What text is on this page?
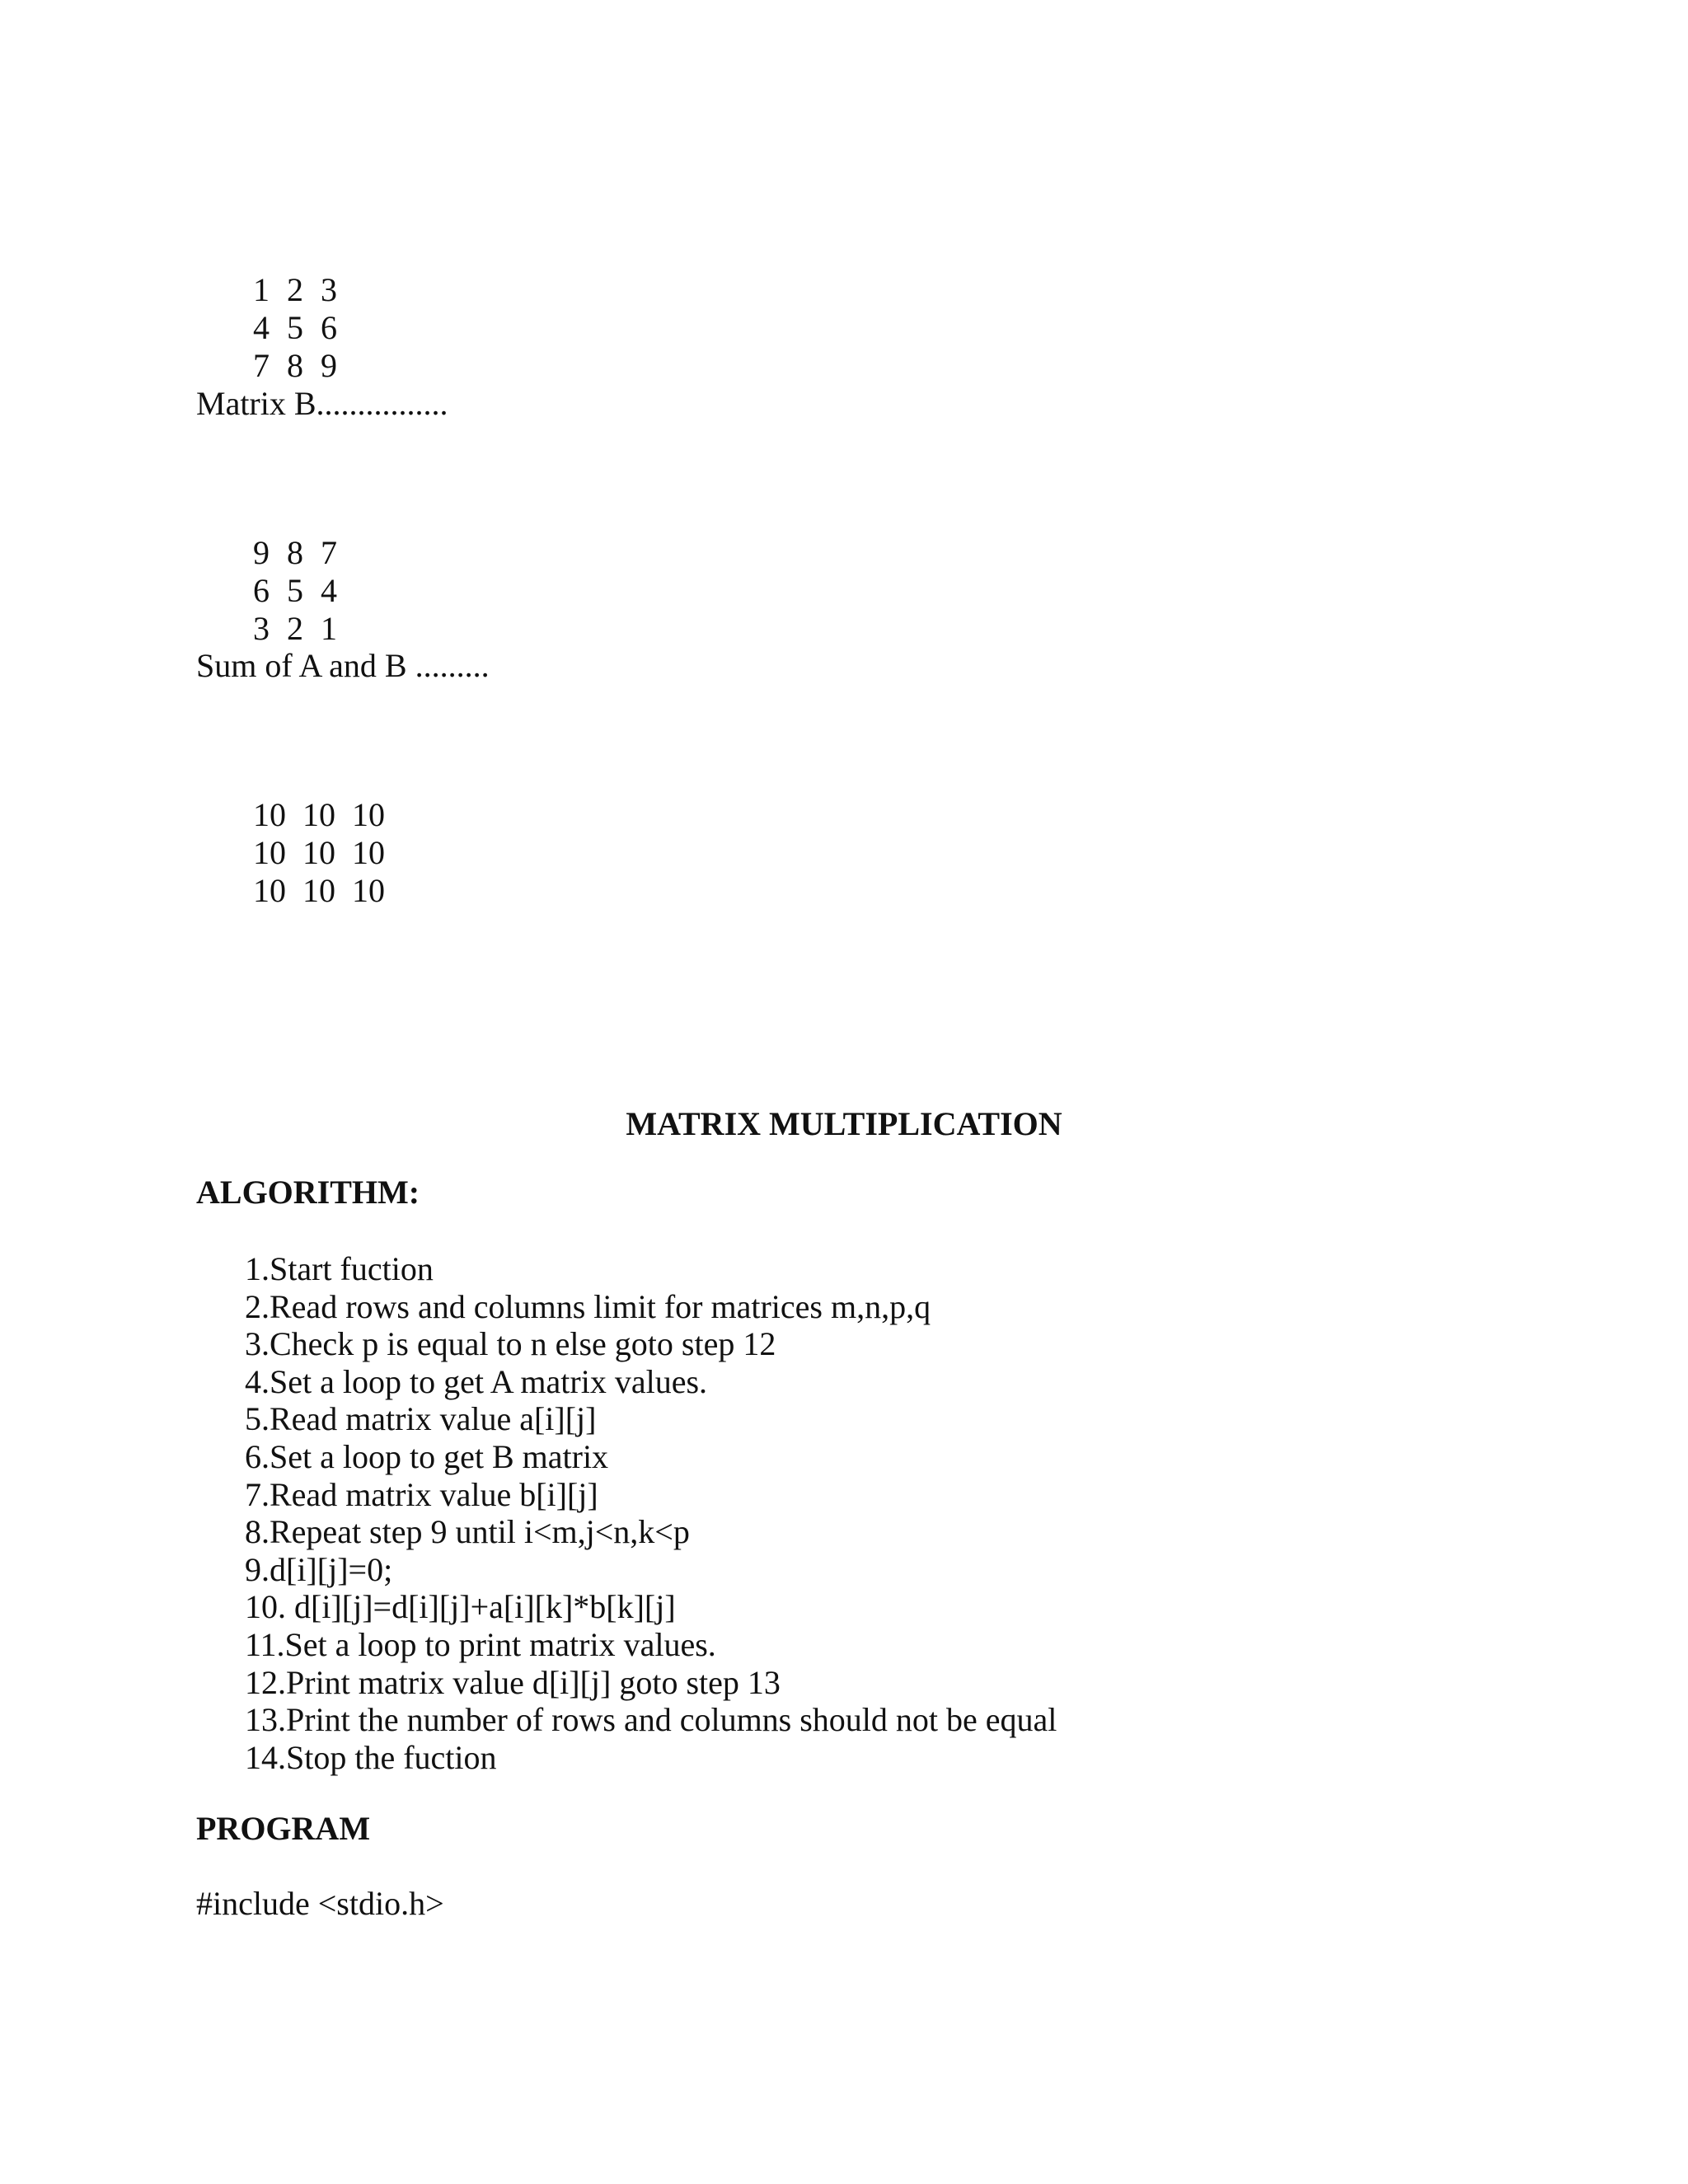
1 2 3

4 5 6

7 8 9

Matrix B................

9 8 7

6 5 4

3 2 1

Sum of A and B .........

10 10 10

10 10 10

10 10 10

MATRIX MULTIPLICATION
ALGORITHM:
1.Start fuction
2.Read rows and columns limit for matrices m,n,p,q
3.Check p is equal to n else goto step 12
4.Set a loop to get A matrix values.
5.Read matrix value a[i][j]
6.Set a loop to get B matrix
7.Read matrix value b[i][j]
8.Repeat step 9 until i<m,j<n,k<p
9.d[i][j]=0;
10. d[i][j]=d[i][j]+a[i][k]*b[k][j]
11.Set a loop to print matrix values.
12.Print matrix value d[i][j] goto step 13
13.Print the number of rows and columns should not be equal
14.Stop the fuction
PROGRAM
#include <stdio.h>
